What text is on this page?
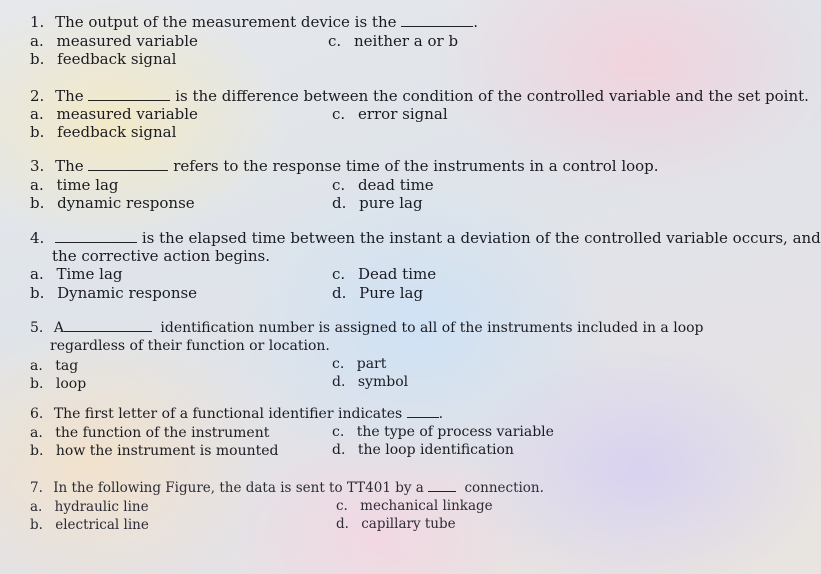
1. The output of the measurement device is the	.
a. measured variable
b. feedback signal
c. neither a or b
2. The	is the difference between the condition of the controlled variable and the set point.
a. measured variable
b. feedback signal
c. error signal
3. The	refers to the response time of the instruments in a control loop.
a. time lag
b. dynamic response
c. dead time
d. pure lag
4.	is the elapsed time between the instant a deviation of the controlled variable occurs, and
the corrective action begins.
a. Time lag
b. Dynamic response
c. Dead time
d. Pure lag
5. A	identification number is assigned to all of the instruments included in a loop
regardless of their function or location.
a. tag
b. loop
c. part
d. symbol
6. The first letter of a functional identifier indicates	.
a. the function of the instrument
b. how the instrument is mounted
c. the type of process variable
d. the loop identification
7. In the following Figure, the data is sent to TT401 by a	connection.
a. hydraulic line
b. electrical line
c. mechanical linkage
d. capillary tube
